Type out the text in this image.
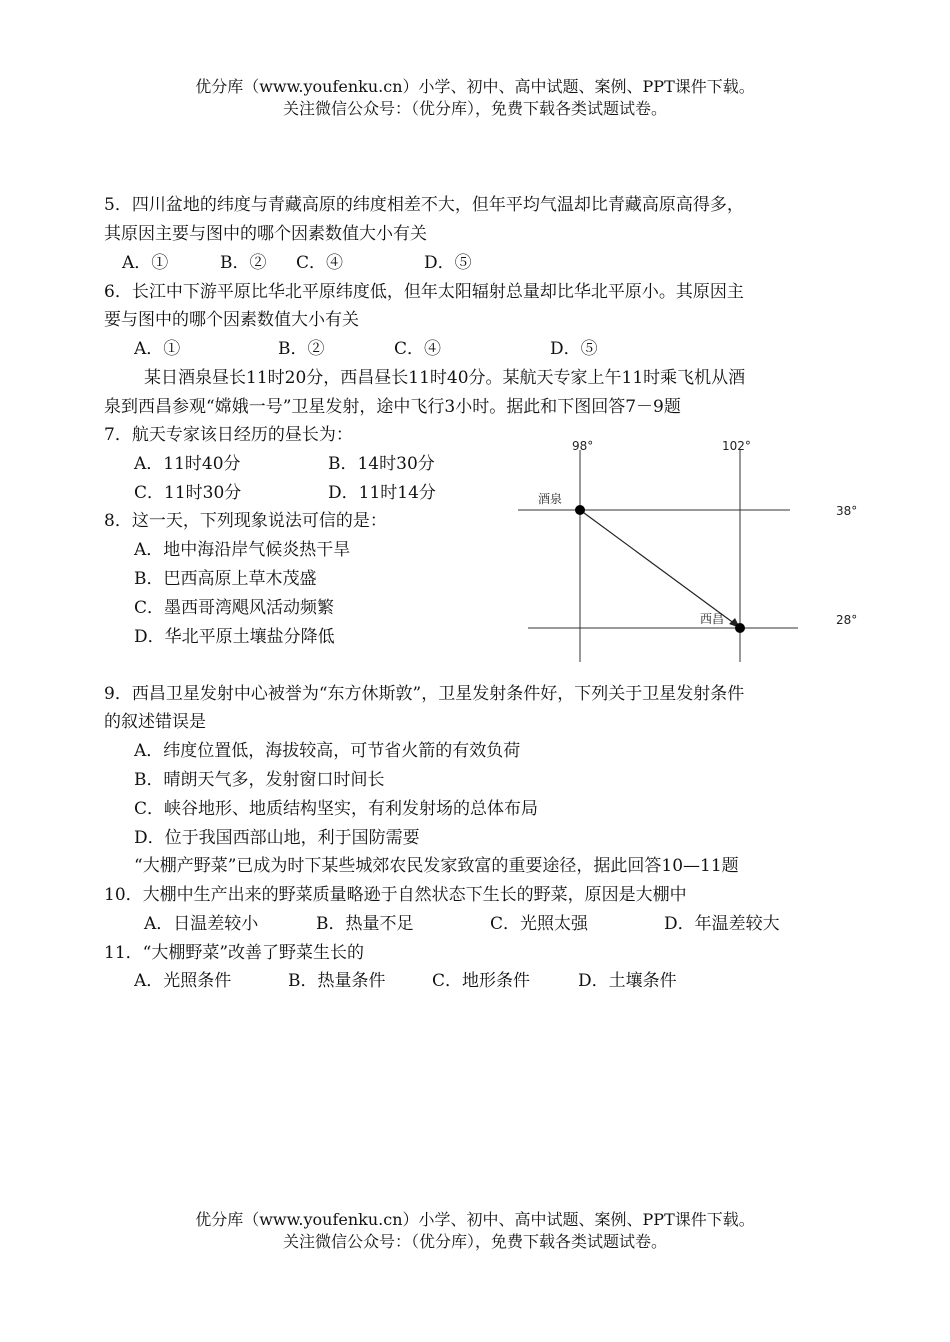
优分库（www.youfenku.cn）小学、初中、高中试题、案例、PPT课件下载。
关注微信公众号：（优分库），免费下载各类试题试卷。
5．四川盆地的纬度与青藏高原的纬度相差不大，但年平均气温却比青藏高原高得多，
其原因主要与图中的哪个因素数值大小有关
A．①	B．② C．④	D．⑤
6．长江中下游平原比华北平原纬度低，但年太阳辐射总量却比华北平原小。其原因主
要与图中的哪个因素数值大小有关
A．①	B．②	C．④	D．⑤
某日酒泉昼长11时20分，西昌昼长11时40分。某航天专家上午11时乘飞机从酒
泉到西昌参观“嫦娥一号”卫星发射，途中飞行3小时。据此和下图回答7－9题
7．航天专家该日经历的昼长为：
A．11时40分	B．14时30分
C．11时30分	D．11时14分
8．这一天，下列现象说法可信的是：
A．地中海沿岸气候炎热干旱
B．巴西高原上草木茂盛
C．墨西哥湾飓风活动频繁
D．华北平原土壤盐分降低
98°	102°
38°
28°
酒泉
西昌
9．西昌卫星发射中心被誉为“东方休斯敦”，卫星发射条件好，下列关于卫星发射条件
的叙述错误是
A．纬度位置低，海拔较高，可节省火箭的有效负荷
B．晴朗天气多，发射窗口时间长
C．峡谷地形、地质结构坚实，有利发射场的总体布局
D．位于我国西部山地，利于国防需要
“大棚产野菜”已成为时下某些城郊农民发家致富的重要途径，据此回答10—11题
10．大棚中生产出来的野菜质量略逊于自然状态下生长的野菜，原因是大棚中
A．日温差较小	B．热量不足	C．光照太强	D．年温差较大
11．“大棚野菜”改善了野菜生长的
A．光照条件	B．热量条件	C．地形条件	D．土壤条件
优分库（www.youfenku.cn）小学、初中、高中试题、案例、PPT课件下载。
关注微信公众号：（优分库），免费下载各类试题试卷。
